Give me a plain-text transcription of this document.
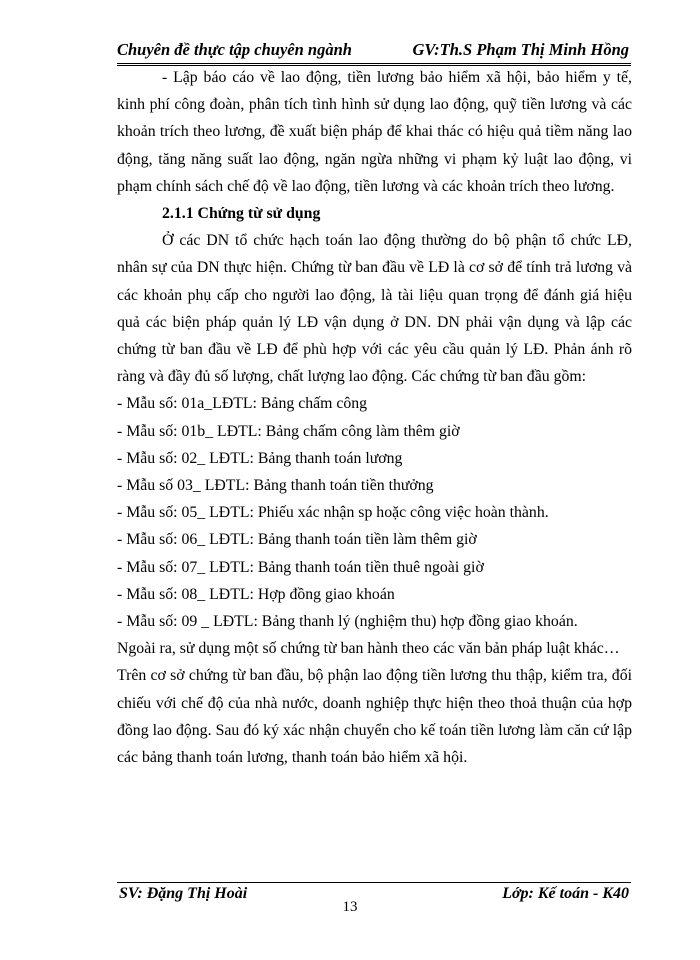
Chuyên đề thực tập chuyên ngành	GV:Th.S Phạm Thị Minh Hồng

- Lập báo cáo về lao động, tiền lương bảo hiểm xã hội, bảo hiểm y tế, kinh phí công đoàn, phân tích tình hình sử dụng lao động, quỹ tiền lương và các khoản trích theo lương, đề xuất biện pháp để khai thác có hiệu quả tiềm năng lao động, tăng năng suất lao động, ngăn ngừa những vi phạm kỷ luật lao động, vi phạm chính sách chế độ về lao động, tiền lương và các khoản trích theo lương.

2.1.1 Chứng từ sử dụng

Ở các DN tổ chức hạch toán lao động thường do bộ phận tổ chức LĐ, nhân sự của DN thực hiện. Chứng từ ban đầu về LĐ là cơ sở để tính trả lương và các khoản phụ cấp cho người lao động, là tài liệu quan trọng để đánh giá hiệu quả các biện pháp quản lý LĐ vận dụng ở DN. DN phải vận dụng và lập các chứng từ ban đầu về LĐ để phù hợp với các yêu cầu quản lý LĐ. Phản ánh rõ ràng và đầy đủ số lượng, chất lượng lao động. Các chứng từ ban đầu gồm:

- Mẫu số: 01a_LĐTL: Bảng chấm công

- Mẫu số: 01b_ LĐTL: Bảng chấm công làm thêm giờ

- Mẫu số: 02_ LĐTL: Bảng thanh toán lương

- Mẫu số 03_ LĐTL: Bảng thanh toán tiền thưởng

- Mẫu số: 05_ LĐTL: Phiếu xác nhận sp hoặc công việc hoàn thành.

- Mẫu số: 06_ LĐTL: Bảng thanh toán tiền làm thêm giờ

- Mẫu số: 07_ LĐTL: Bảng thanh toán tiền thuê ngoài giờ

- Mẫu số: 08_ LĐTL: Hợp đồng giao khoán

- Mẫu số: 09 _ LĐTL: Bảng thanh lý (nghiệm thu) hợp đồng giao khoán.

Ngoài ra, sử dụng một số chứng từ ban hành theo các văn bản pháp luật khác…

Trên cơ sở chứng từ ban đầu, bộ phận lao động tiền lương thu thập, kiểm tra, đối chiếu với chế độ của nhà nước, doanh nghiệp thực hiện theo thoả thuận của hợp đồng lao động. Sau đó ký xác nhận chuyển cho kế toán tiền lương làm căn cứ lập các bảng thanh toán lương, thanh toán bảo hiểm xã hội.

SV: Đặng Thị Hoài	Lớp: Kế toán - K40
13
